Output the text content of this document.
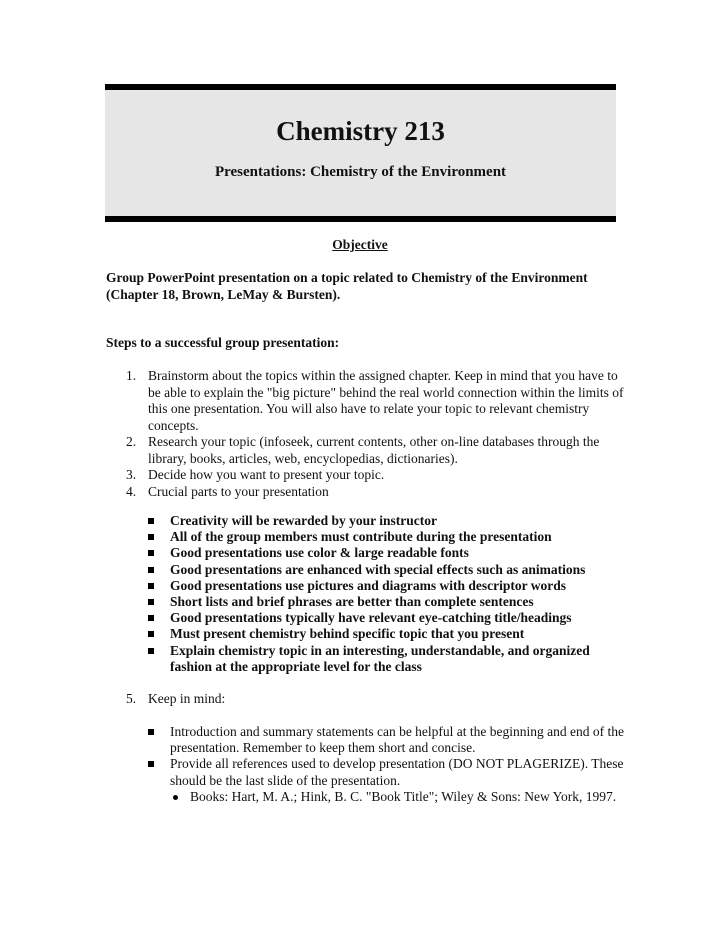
Chemistry 213
Presentations: Chemistry of the Environment
Objective
Group PowerPoint presentation on a topic related to Chemistry of the Environment (Chapter 18, Brown, LeMay & Bursten).
Steps to a successful group presentation:
1. Brainstorm about the topics within the assigned chapter. Keep in mind that you have to be able to explain the "big picture" behind the real world connection within the limits of this one presentation. You will also have to relate your topic to relevant chemistry concepts.
2. Research your topic (infoseek, current contents, other on-line databases through the library, books, articles, web, encyclopedias, dictionaries).
3. Decide how you want to present your topic.
4. Crucial parts to your presentation
Creativity will be rewarded by your instructor
All of the group members must contribute during the presentation
Good presentations use color & large readable fonts
Good presentations are enhanced with special effects such as animations
Good presentations use pictures and diagrams with descriptor words
Short lists and brief phrases are better than complete sentences
Good presentations typically have relevant eye-catching title/headings
Must present chemistry behind specific topic that you present
Explain chemistry topic in an interesting, understandable, and organized fashion at the appropriate level for the class
5. Keep in mind:
Introduction and summary statements can be helpful at the beginning and end of the presentation. Remember to keep them short and concise.
Provide all references used to develop presentation (DO NOT PLAGERIZE). These should be the last slide of the presentation.
Books: Hart, M. A.; Hink, B. C. "Book Title"; Wiley & Sons: New York, 1997.
